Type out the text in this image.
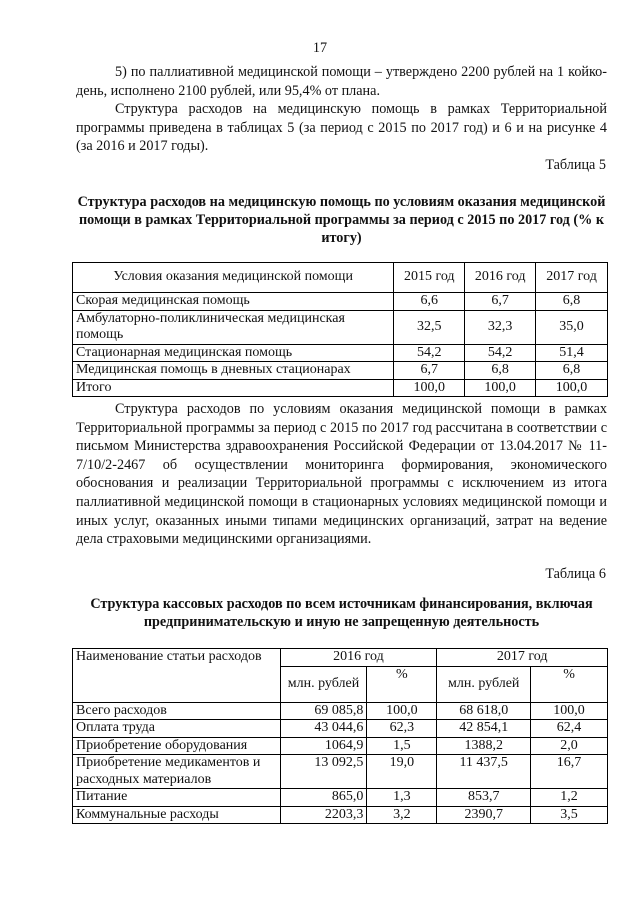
17
5) по паллиативной медицинской помощи – утверждено 2200 рублей на 1 койко-день, исполнено 2100 рублей, или 95,4% от плана.
Структура расходов на медицинскую помощь в рамках Территориальной программы приведена в таблицах 5 (за период с 2015 по 2017 год) и 6 и на рисунке 4 (за 2016 и 2017 годы).
Таблица 5
Структура расходов на медицинскую помощь по условиям оказания медицинской помощи в рамках Территориальной программы за период с 2015 по 2017 год (% к итогу)
Условия оказания медицинской помощи	2015 год	2016 год	2017 год
Скорая медицинская помощь	6,6	6,7	6,8
Амбулаторно-поликлиническая медицинская помощь	32,5	32,3	35,0
Стационарная медицинская помощь	54,2	54,2	51,4
Медицинская помощь в дневных стационарах	6,7	6,8	6,8
Итого	100,0	100,0	100,0
Структура расходов по условиям оказания медицинской помощи в рамках Территориальной программы за период с 2015 по 2017 год рассчитана в соответствии с письмом Министерства здравоохранения Российской Федерации от 13.04.2017 № 11-7/10/2-2467 об осуществлении мониторинга формирования, экономического обоснования и реализации Территориальной программы с исключением из итога паллиативной медицинской помощи в стационарных условиях медицинской помощи и иных услуг, оказанных иными типами медицинских организаций, затрат на ведение дела страховыми медицинскими организациями.
Таблица 6
Структура кассовых расходов по всем источникам финансирования, включая предпринимательскую и иную не запрещенную деятельность
Наименование статьи расходов	2016 год		2017 год	
	млн. рублей	%	млн. рублей	%
Всего расходов	69 085,8	100,0	68 618,0	100,0
Оплата труда	43 044,6	62,3	42 854,1	62,4
Приобретение оборудования	1064,9	1,5	1388,2	2,0
Приобретение медикаментов и расходных материалов	13 092,5	19,0	11 437,5	16,7
Питание	865,0	1,3	853,7	1,2
Коммунальные расходы	2203,3	3,2	2390,7	3,5
